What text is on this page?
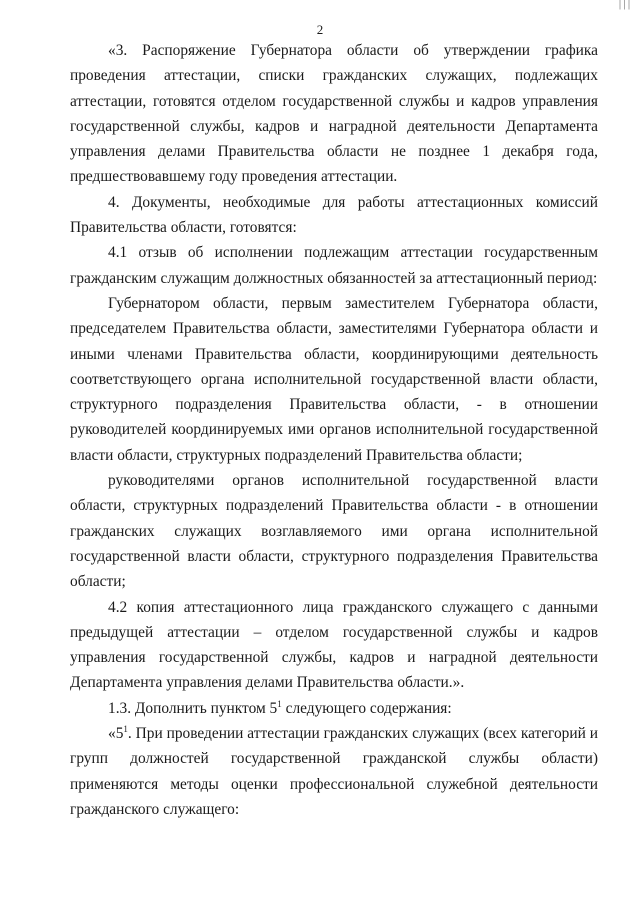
| | |
2

«3. Распоряжение Губернатора области об утверждении графика проведения аттестации, списки гражданских служащих, подлежащих аттестации, готовятся отделом государственной службы и кадров управления государственной службы, кадров и наградной деятельности Департамента управления делами Правительства области не позднее 1 декабря года, предшествовавшему году проведения аттестации.

4. Документы, необходимые для работы аттестационных комиссий Правительства области, готовятся:

4.1 отзыв об исполнении подлежащим аттестации государственным гражданским служащим должностных обязанностей за аттестационный период:

Губернатором области, первым заместителем Губернатора области, председателем Правительства области, заместителями Губернатора области и иными членами Правительства области, координирующими деятельность соответствующего органа исполнительной государственной власти области, структурного подразделения Правительства области, - в отношении руководителей координируемых ими органов исполнительной государственной власти области, структурных подразделений Правительства области;

руководителями органов исполнительной государственной власти области, структурных подразделений Правительства области - в отношении гражданских служащих возглавляемого ими органа исполнительной государственной власти области, структурного подразделения Правительства области;

4.2 копия аттестационного лица гражданского служащего с данными предыдущей аттестации – отделом государственной службы и кадров управления государственной службы, кадров и наградной деятельности Департамента управления делами Правительства области.».

1.3. Дополнить пунктом $5^1$ следующего содержания:

«$5^1$. При проведении аттестации гражданских служащих (всех категорий и групп должностей государственной гражданской службы области) применяются методы оценки профессиональной служебной деятельности гражданского служащего:
